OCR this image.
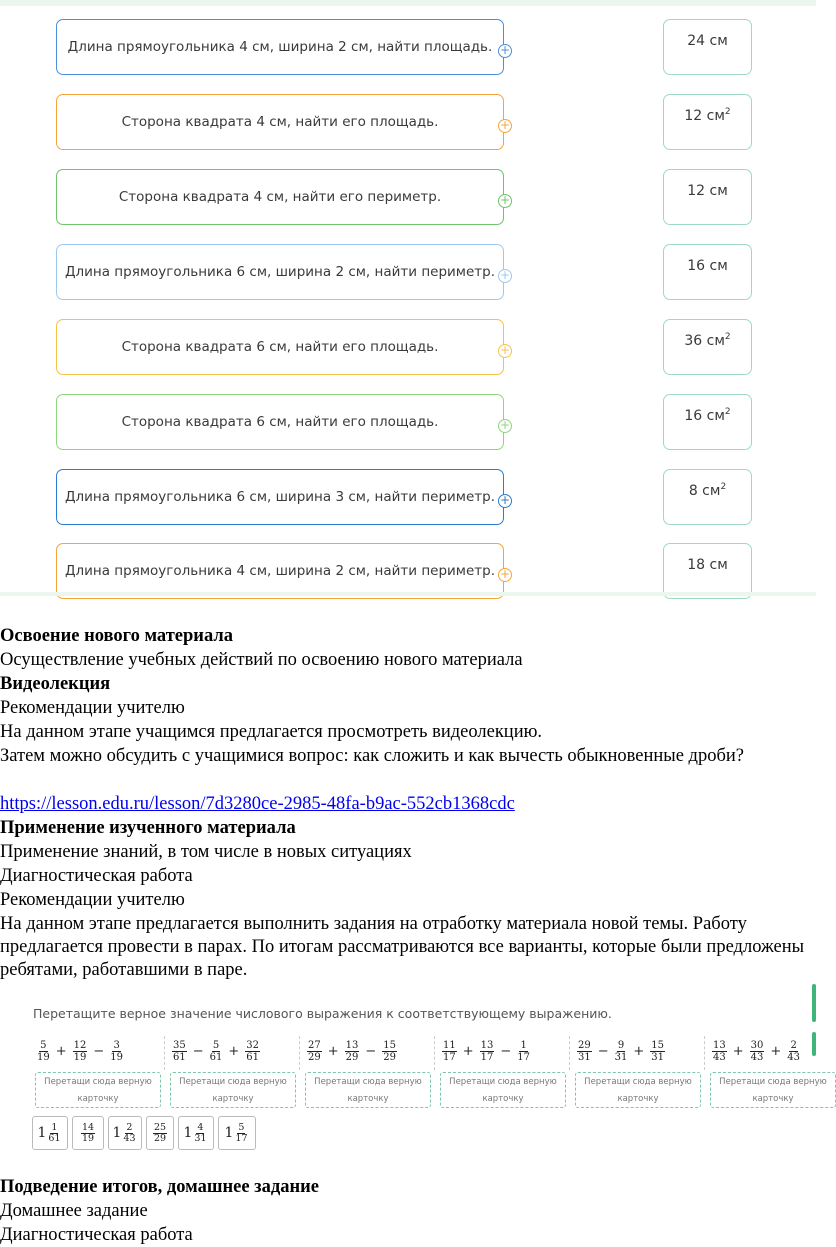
Длина прямоугольника 4 см, ширина 2 см, найти площадь. +
Сторона квадрата 4 см, найти его площадь.	+
Сторона квадрата 4 см, найти его периметр.	+
Длина прямоугольника 6 см, ширина 2 см, найти периметр. +
Сторона квадрата 6 см, найти его площадь.	+
Сторона квадрата 6 см, найти его площадь.	+
Длина прямоугольника 6 см, ширина 3 см, найти периметр. +
Длина прямоугольника 4 см, ширина 2 см, найти периметр. +
24 см
12 $см^2$
12 см
16 см
36 $см^2$
16 $см^2$
8 $см^2$
18 см
Освоение нового материала
Осуществление учебных действий по освоению нового материала
Видеолекция
Рекомендации учителю
На данном этапе учащимся предлагается просмотреть видеолекцию.
Затем можно обсудить с учащимися вопрос: как сложить и как вычесть обыкновенные дроби?
https://lesson.edu.ru/lesson/7d3280ce-2985-48fa-b9ac-552cb1368cdc
Применение изученного материала
Применение знаний, в том числе в новых ситуациях
Диагностическая работа
Рекомендации учителю
На данном этапе предлагается выполнить задания на отработку материала новой темы. Работу предлагается провести в парах. По итогам рассматриваются все варианты, которые были предложены ребятами, работавшими в паре.
Перетащите верное значение числового выражения к соответствующему выражению.
$\frac{5}{19} + \frac{12}{19} - \frac{3}{19}$	$\frac{35}{61} - \frac{5}{61} + \frac{32}{61}$	$\frac{27}{29} + \frac{13}{29} - \frac{15}{29}$	$\frac{11}{17} + \frac{13}{17} - \frac{1}{17}$	$\frac{29}{31} - \frac{9}{31} + \frac{15}{31}$	$\frac{13}{43} + \frac{30}{43} + \frac{2}{43}$
Перетащи сюда верную
карточку
Перетащи сюда верную
карточку
Перетащи сюда верную
карточку
Перетащи сюда верную
карточку
Перетащи сюда верную
карточку
Перетащи сюда верную
карточку
$1 \frac{1}{61} \frac{14}{19} 1 \frac{2}{43} \frac{25}{29} 1 \frac{4}{31} 1 \frac{5}{17}$
Подведение итогов, домашнее задание
Домашнее задание
Диагностическая работа
